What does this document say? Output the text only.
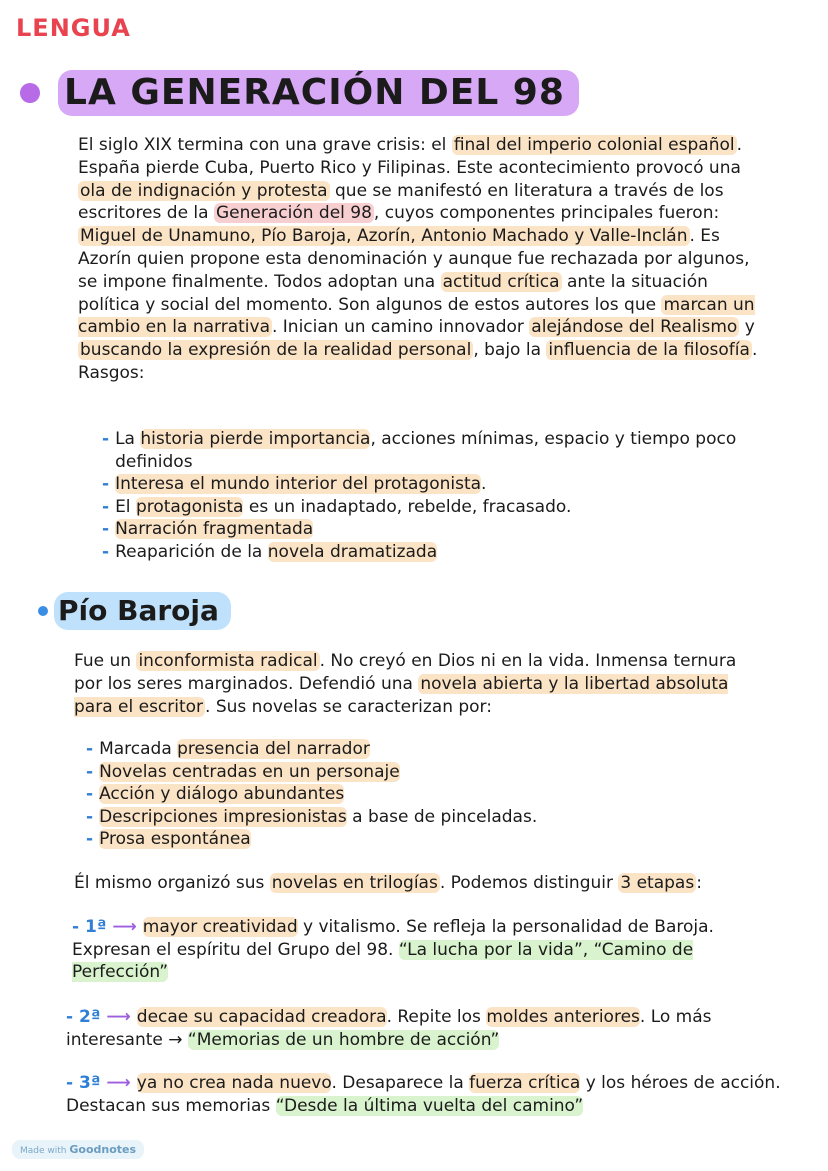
LENGUA
LA GENERACIÓN DEL 98

El siglo XIX termina con una grave crisis: el final del imperio colonial español . España pierde Cuba, Puerto Rico y Filipinas. Este acontecimiento provocó una ola de indignación y protesta que se manifestó en literatura a través de los escritores de la Generación del 98 , cuyos componentes principales fueron: Miguel de Unamuno, Pío Baroja, Azorín, Antonio Machado y Valle-Inclán . Es Azorín quien propone esta denominación y aunque fue rechazada por algunos, se impone finalmente. Todos adoptan una actitud crítica ante la situación política y social del momento. Son algunos de estos autores los que marcan un cambio en la narrativa . Inician un camino innovador alejándose del Realismo y buscando la expresión de la realidad personal , bajo la influencia de la filosofía . Rasgos:

- La historia pierde importancia, acciones mínimas, espacio y tiempo poco definidos
- Interesa el mundo interior del protagonista.
- El protagonista es un inadaptado, rebelde, fracasado.
- Narración fragmentada
- Reaparición de la novela dramatizada
Pío Baroja

Fue un inconformista radical . No creyó en Dios ni en la vida. Inmensa ternura por los seres marginados. Defendió una novela abierta y la libertad absoluta para el escritor . Sus novelas se caracterizan por:

- Marcada presencia del narrador
- Novelas centradas en un personaje
- Acción y diálogo abundantes
- Descripciones impresionistas a base de pinceladas.
- Prosa espontánea

Él mismo organizó sus novelas en trilogías . Podemos distinguir 3 etapas :

- 1ª ⟶ mayor creatividad y vitalismo. Se refleja la personalidad de Baroja. Expresan el espíritu del Grupo del 98. “La lucha por la vida”, “Camino de Perfección”

- 2ª ⟶ decae su capacidad creadora. Repite los moldes anteriores. Lo más interesante → “Memorias de un hombre de acción”

- 3ª ⟶ ya no crea nada nuevo. Desaparece la fuerza crítica y los héroes de acción. Destacan sus memorias “Desde la última vuelta del camino”

Made with Goodnotes
